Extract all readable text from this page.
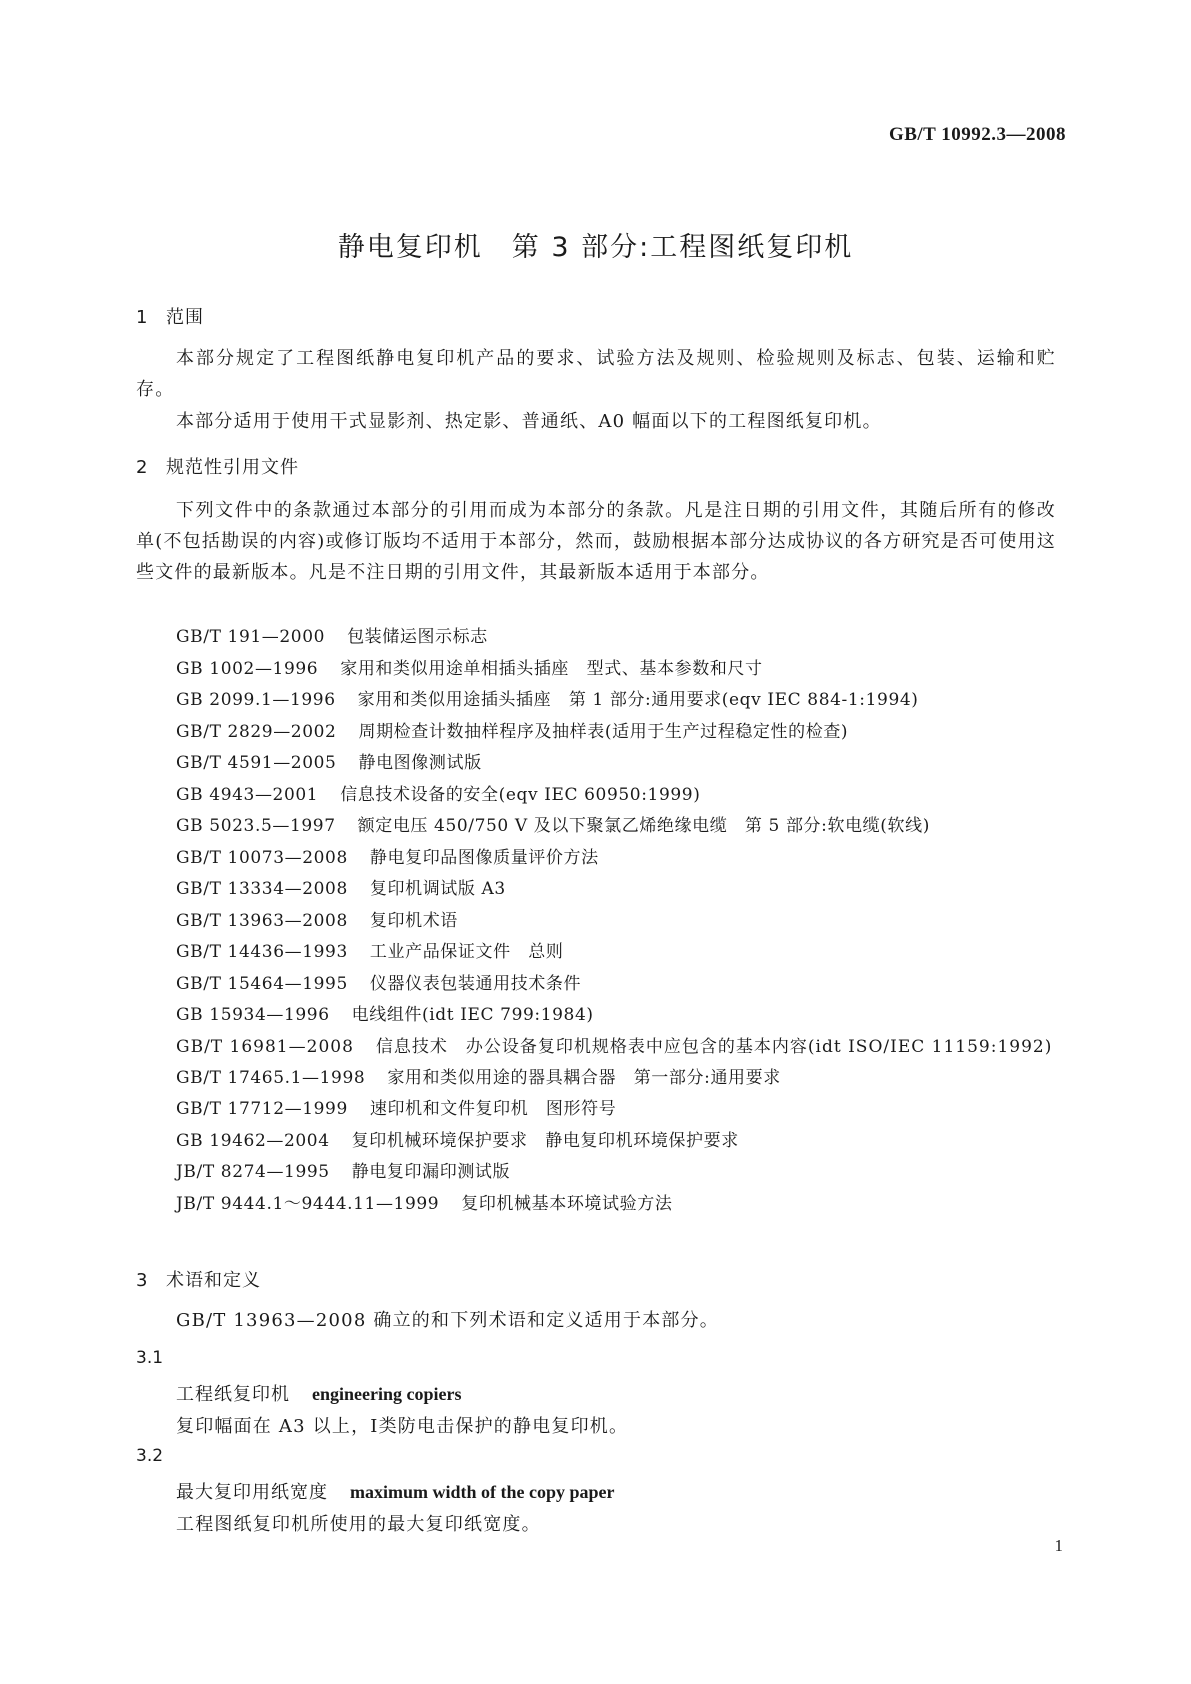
GB/T 10992.3—2008
静电复印机　第 3 部分:工程图纸复印机
1 范围

本部分规定了工程图纸静电复印机产品的要求、试验方法及规则、检验规则及标志、包装、运输和贮存。

本部分适用于使用干式显影剂、热定影、普通纸、A0 幅面以下的工程图纸复印机。

2 规范性引用文件

下列文件中的条款通过本部分的引用而成为本部分的条款。凡是注日期的引用文件，其随后所有的修改单(不包括勘误的内容)或修订版均不适用于本部分，然而，鼓励根据本部分达成协议的各方研究是否可使用这些文件的最新版本。凡是不注日期的引用文件，其最新版本适用于本部分。

GB/T 191—2000 包装储运图示标志
GB 1002—1996 家用和类似用途单相插头插座　型式、基本参数和尺寸
GB 2099.1—1996 家用和类似用途插头插座　第 1 部分:通用要求(eqv IEC 884-1:1994)
GB/T 2829—2002 周期检查计数抽样程序及抽样表(适用于生产过程稳定性的检查)
GB/T 4591—2005 静电图像测试版
GB 4943—2001 信息技术设备的安全(eqv IEC 60950:1999)
GB 5023.5—1997 额定电压 450/750 V 及以下聚氯乙烯绝缘电缆　第 5 部分:软电缆(软线)
GB/T 10073—2008 静电复印品图像质量评价方法
GB/T 13334—2008 复印机调试版 A3
GB/T 13963—2008 复印机术语
GB/T 14436—1993 工业产品保证文件　总则
GB/T 15464—1995 仪器仪表包装通用技术条件
GB 15934—1996 电线组件(idt IEC 799:1984)
GB/T 16981—2008 信息技术　办公设备复印机规格表中应包含的基本内容(idt ISO/IEC 11159:1992)
GB/T 17465.1—1998 家用和类似用途的器具耦合器　第一部分:通用要求
GB/T 17712—1999 速印机和文件复印机　图形符号
GB 19462—2004 复印机械环境保护要求　静电复印机环境保护要求
JB/T 8274—1995 静电复印漏印测试版
JB/T 9444.1～9444.11—1999 复印机械基本环境试验方法
3 术语和定义

GB/T 13963—2008 确立的和下列术语和定义适用于本部分。

3.1
工程纸复印机 engineering copiers

复印幅面在 A3 以上，Ⅰ类防电击保护的静电复印机。

3.2
最大复印用纸宽度 maximum width of the copy paper

工程图纸复印机所使用的最大复印纸宽度。

1
